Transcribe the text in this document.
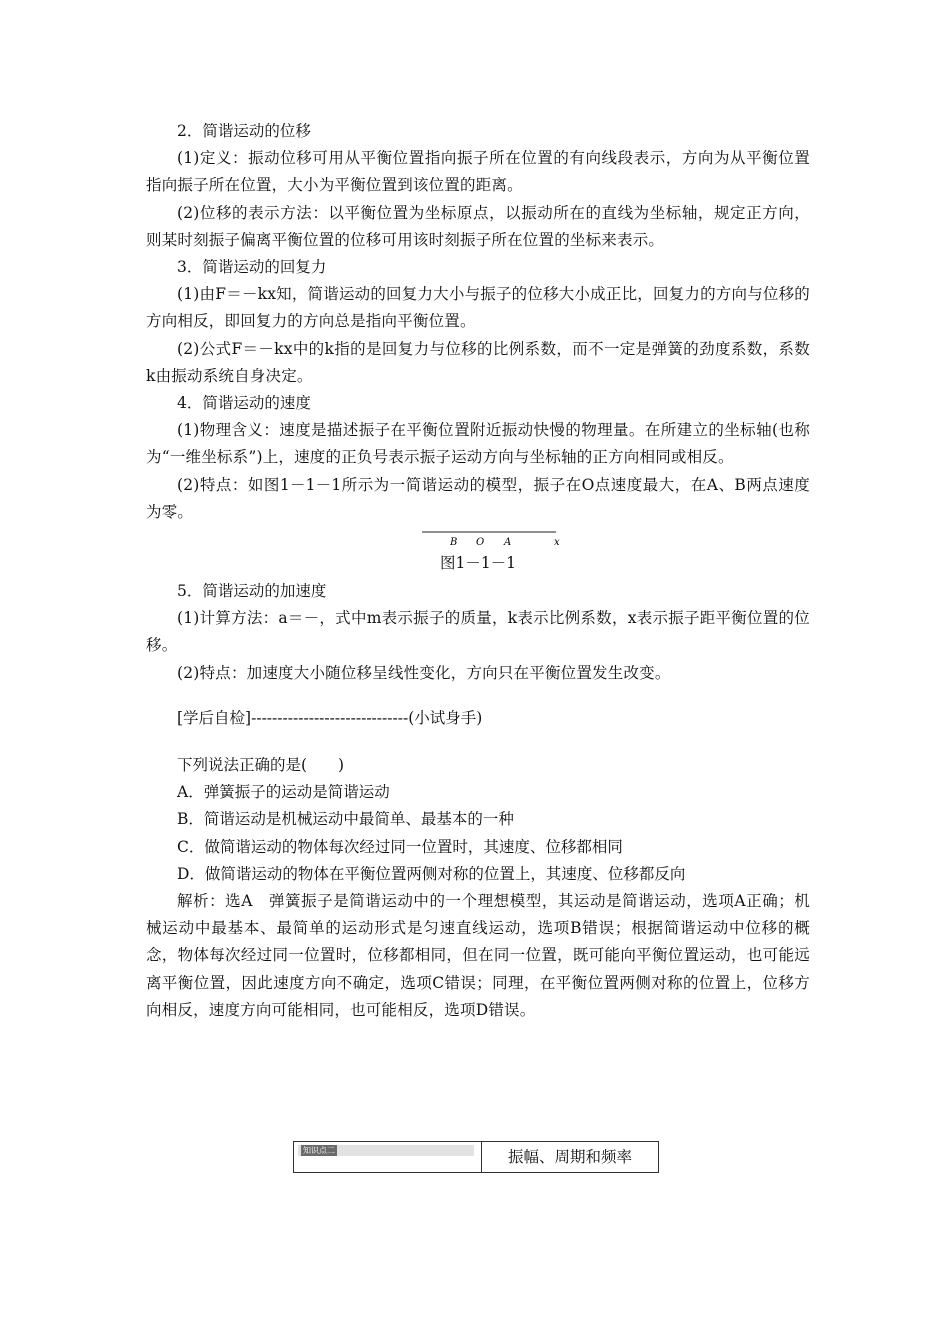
2．简谐运动的位移

(1)定义：振动位移可用从平衡位置指向振子所在位置的有向线段表示，方向为从平衡位置指向振子所在位置，大小为平衡位置到该位置的距离。

(2)位移的表示方法：以平衡位置为坐标原点，以振动所在的直线为坐标轴，规定正方向，则某时刻振子偏离平衡位置的位移可用该时刻振子所在位置的坐标来表示。

3．简谐运动的回复力

(1)由F＝－kx知，简谐运动的回复力大小与振子的位移大小成正比，回复力的方向与位移的方向相反，即回复力的方向总是指向平衡位置。

(2)公式F＝－kx中的k指的是回复力与位移的比例系数，而不一定是弹簧的劲度系数，系数k由振动系统自身决定。

4．简谐运动的速度

(1)物理含义：速度是描述振子在平衡位置附近振动快慢的物理量。在所建立的坐标轴(也称为“一维坐标系”)上，速度的正负号表示振子运动方向与坐标轴的正方向相同或相反。

(2)特点：如图1－1－1所示为一简谐运动的模型，振子在O点速度最大，在A、B两点速度为零。

B O A	x
图1－1－1

5．简谐运动的加速度

(1)计算方法：a＝－，式中m表示振子的质量，k表示比例系数，x表示振子距平衡位置的位移。

(2)特点：加速度大小随位移呈线性变化，方向只在平衡位置发生改变。

[学后自检]------------------------------(小试身手)

下列说法正确的是(　　)

A．弹簧振子的运动是简谐运动

B．简谐运动是机械运动中最简单、最基本的一种

C．做简谐运动的物体每次经过同一位置时，其速度、位移都相同

D．做简谐运动的物体在平衡位置两侧对称的位置上，其速度、位移都反向

解析：选A　弹簧振子是简谐运动中的一个理想模型，其运动是简谐运动，选项A正确；机械运动中最基本、最简单的运动形式是匀速直线运动，选项B错误；根据简谐运动中位移的概念，物体每次经过同一位置时，位移都相同，但在同一位置，既可能向平衡位置运动，也可能远离平衡位置，因此速度方向不确定，选项C错误；同理，在平衡位置两侧对称的位置上，位移方向相反，速度方向可能相同，也可能相反，选项D错误。

知识点二	振幅、周期和频率
